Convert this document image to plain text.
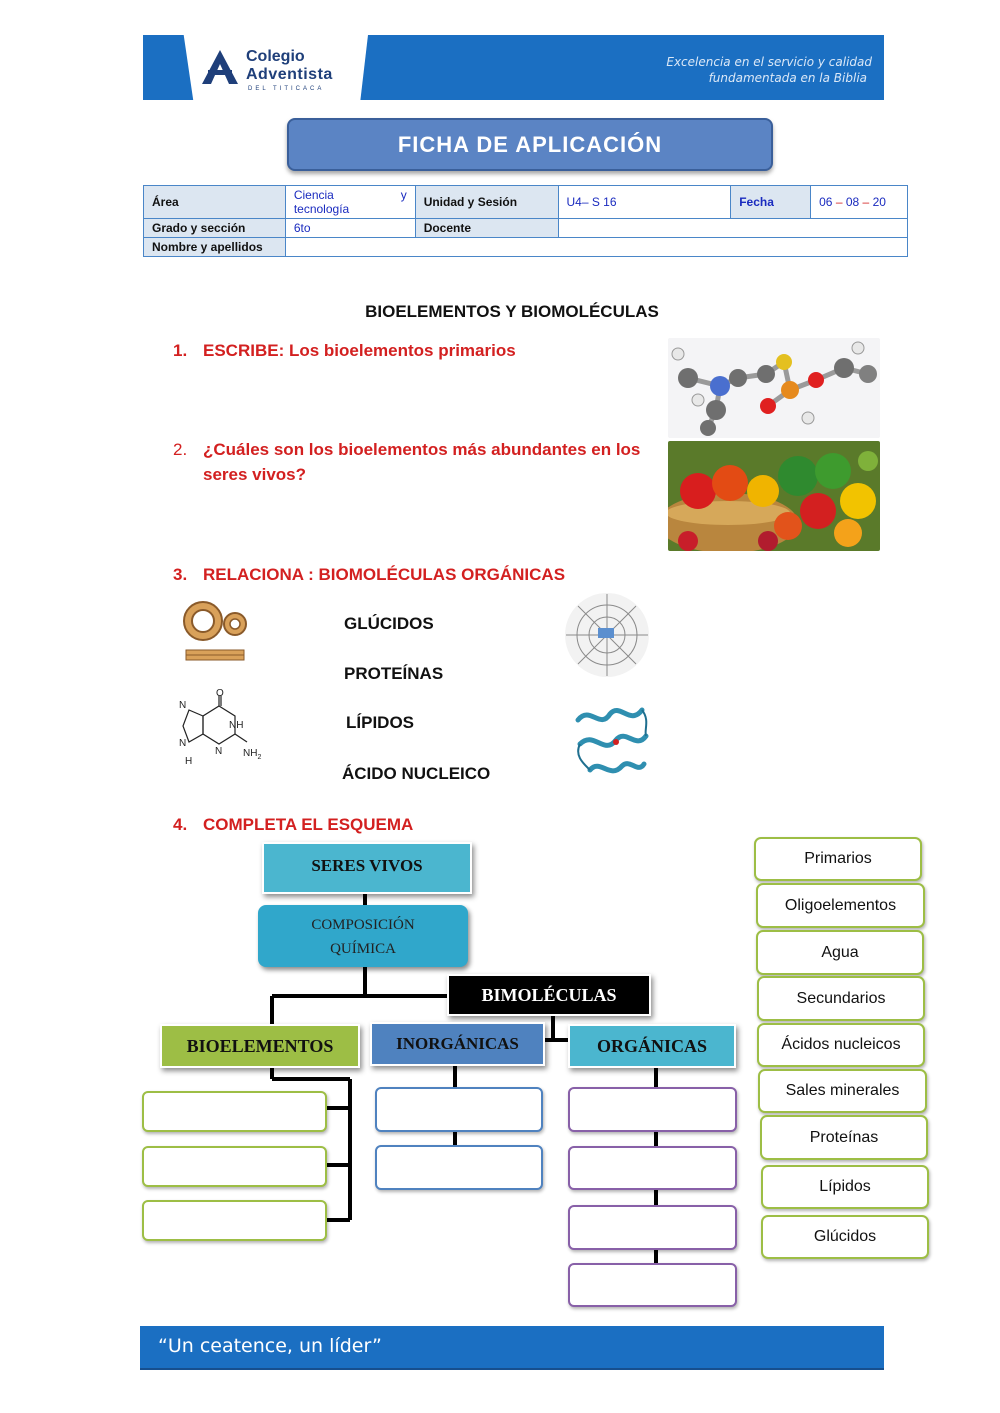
Colegio
Adventista
DEL TITICACA
Excelencia en el servicio y calidad
fundamentada en la Biblia
FICHA DE APLICACIÓN
Área	Ciencia y
tecnología	Unidad y Sesión	U4– S 16	Fecha	06 – 08 – 20
Grado y sección	6to	Docente			
Nombre y apellidos					
BIOELEMENTOS Y BIOMOLÉCULAS
1. ESCRIBE: Los bioelementos primarios
2. ¿Cuáles son los bioelementos más abundantes en los
seres vivos?
3. RELACIONA : BIOMOLÉCULAS ORGÁNICAS
4. COMPLETA EL ESQUEMA
GLÚCIDOS
PROTEÍNAS
LÍPIDOS
ÁCIDO NUCLEICO
O
NH
N
N
N
H
$NH_2$
SERES VIVOS
COMPOSICIÓN
QUÍMICA
BIMOLÉCULAS
BIOELEMENTOS	INORGÁNICAS	ORGÁNICAS
Primarios
Oligoelementos
Agua
Secundarios
Ácidos nucleicos
Sales minerales
Proteínas
Lípidos
Glúcidos
“Un ceatence, un líder”
